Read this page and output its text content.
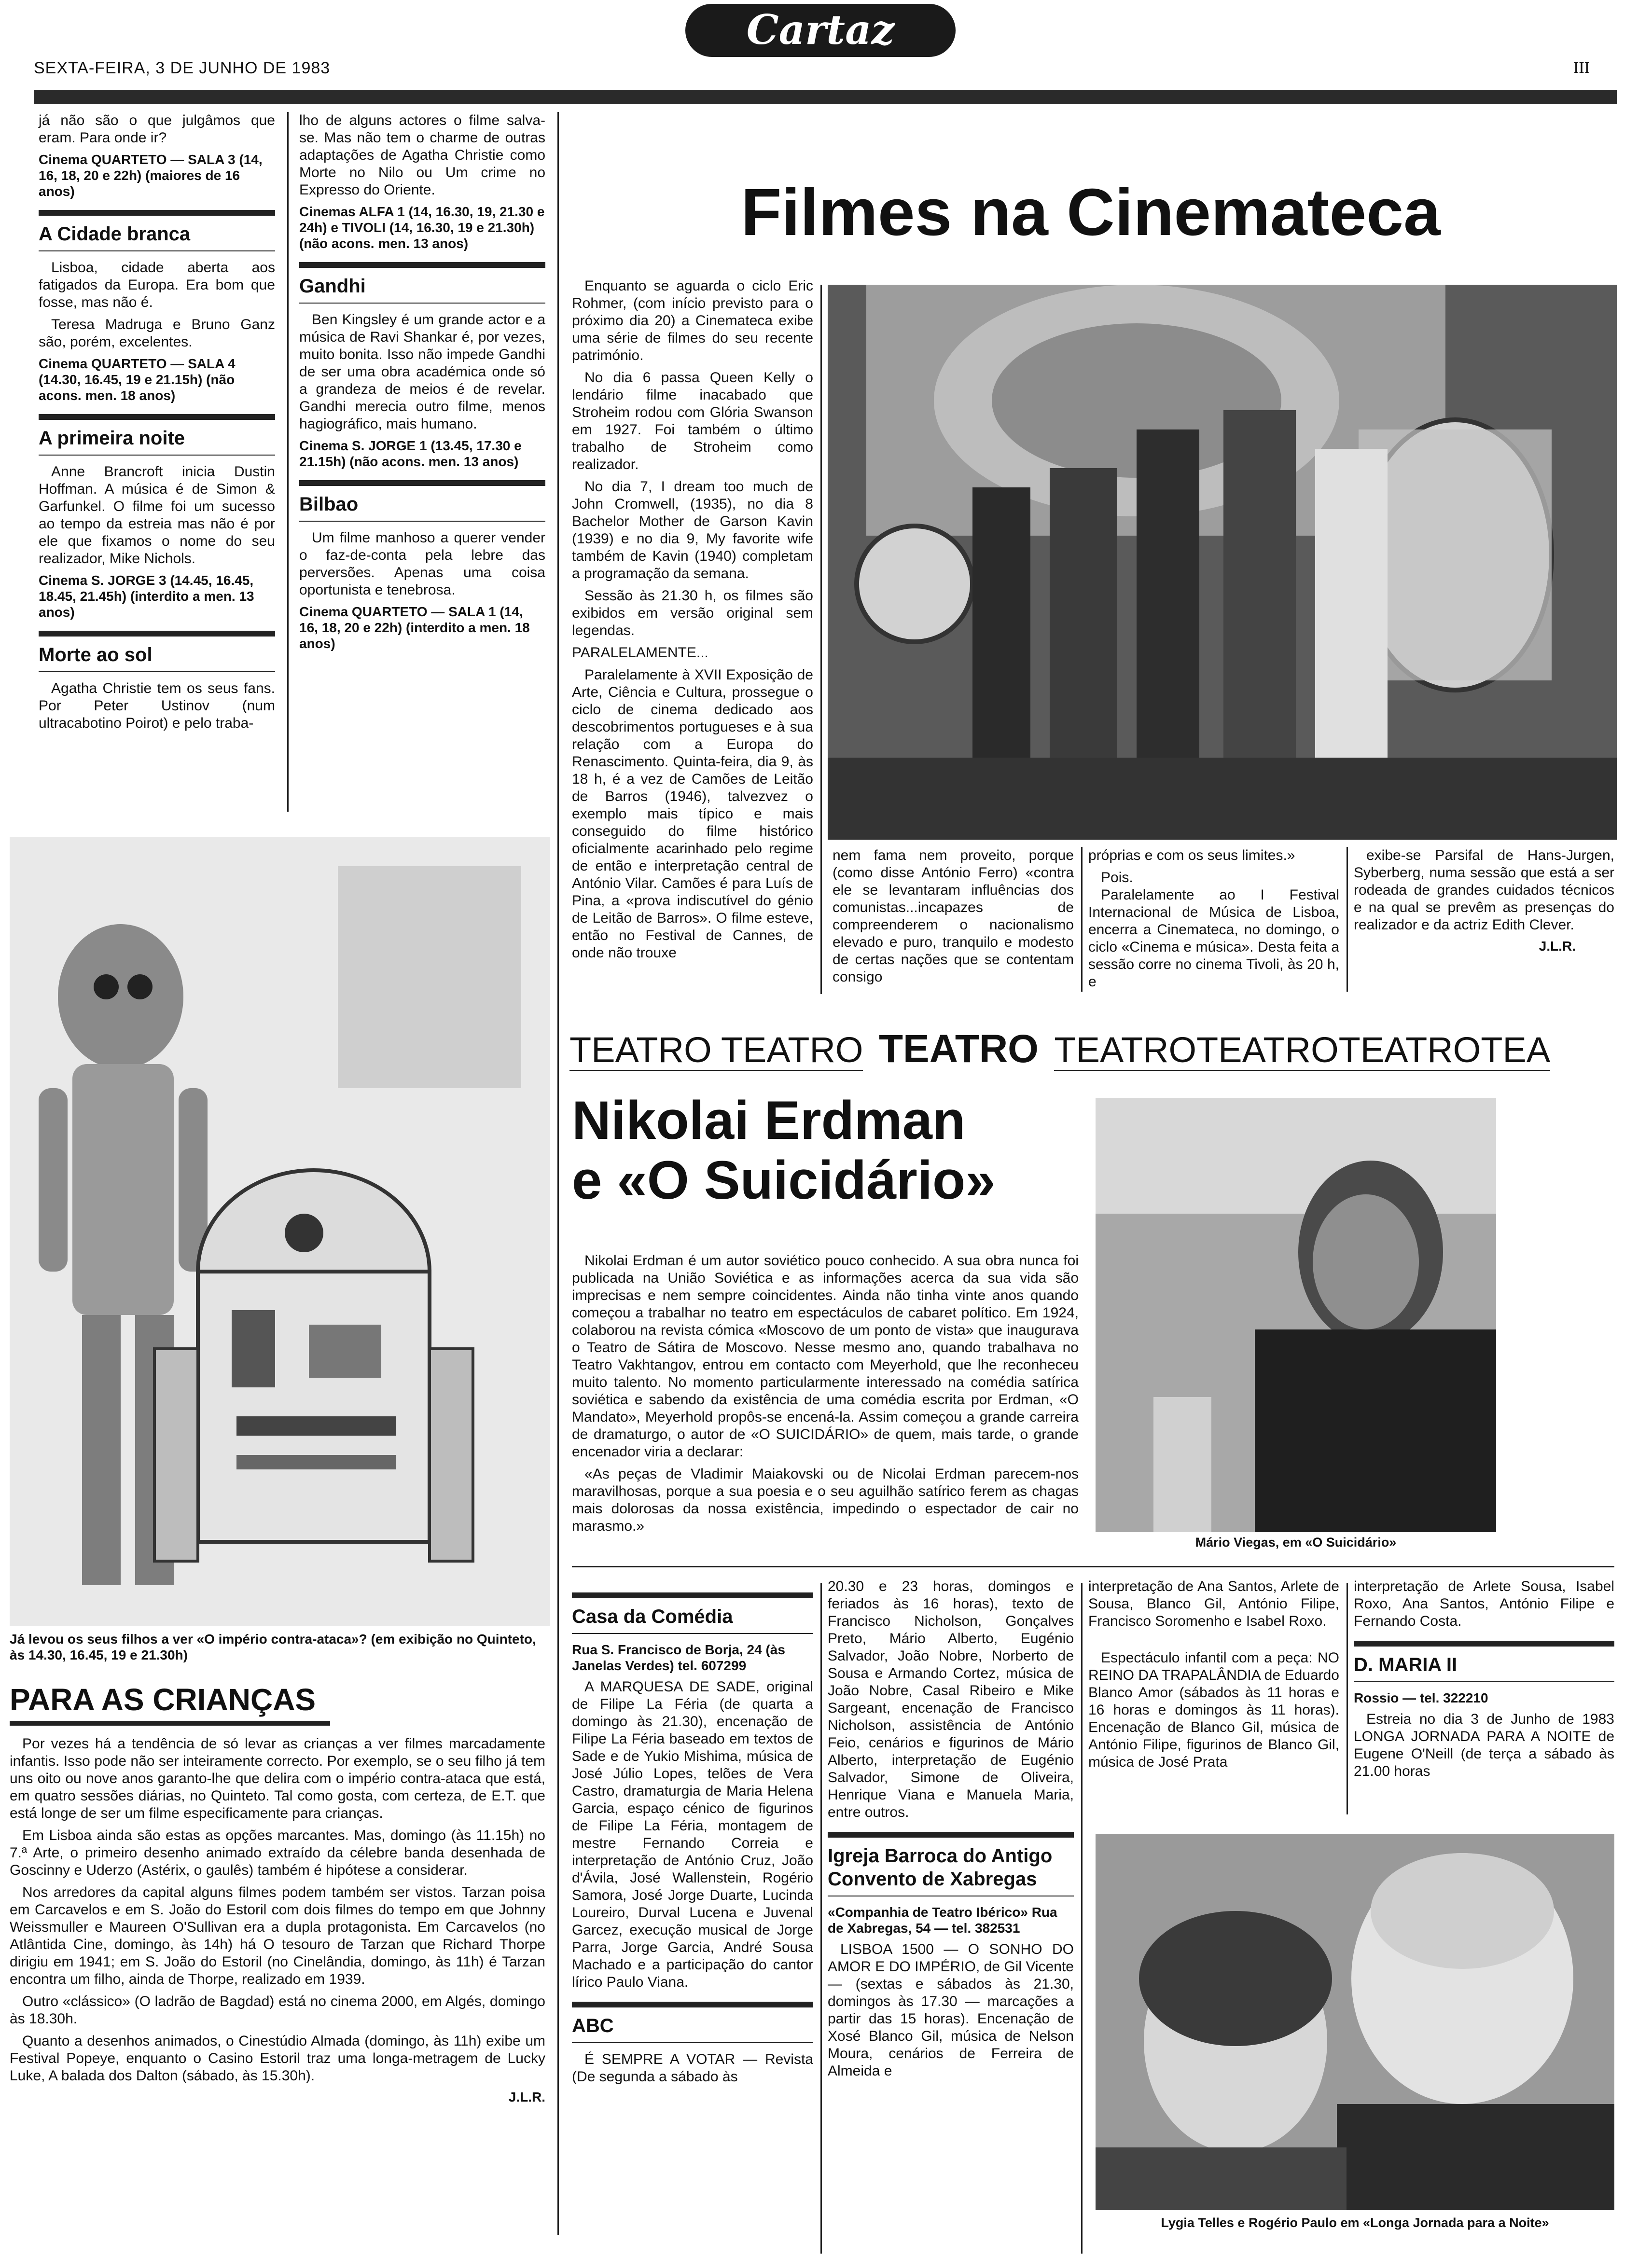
SEXTA-FEIRA, 3 DE JUNHO DE 1983
Cartaz
III

já não são o que julgâmos que eram. Para onde ir?

Cinema QUARTETO — SALA 3 (14, 16, 18, 20 e 22h) (maiores de 16 anos)

A Cidade branca

Lisboa, cidade aberta aos fatigados da Europa. Era bom que fosse, mas não é.

Teresa Madruga e Bruno Ganz são, porém, excelentes.

Cinema QUARTETO — SALA 4 (14.30, 16.45, 19 e 21.15h) (não acons. men. 18 anos)

A primeira noite

Anne Brancroft inicia Dustin Hoffman. A música é de Simon & Garfunkel. O filme foi um sucesso ao tempo da estreia mas não é por ele que fixamos o nome do seu realizador, Mike Nichols.

Cinema S. JORGE 3 (14.45, 16.45, 18.45, 21.45h) (interdito a men. 13 anos)

Morte ao sol

Agatha Christie tem os seus fans. Por Peter Ustinov (num ultracabotino Poirot) e pelo traba-

lho de alguns actores o filme salva-se. Mas não tem o charme de outras adaptações de Agatha Christie como Morte no Nilo ou Um crime no Expresso do Oriente.

Cinemas ALFA 1 (14, 16.30, 19, 21.30 e 24h) e TIVOLI (14, 16.30, 19 e 21.30h) (não acons. men. 13 anos)

Gandhi

Ben Kingsley é um grande actor e a música de Ravi Shankar é, por vezes, muito bonita. Isso não impede Gandhi de ser uma obra académica onde só a grandeza de meios é de revelar. Gandhi merecia outro filme, menos hagiográfico, mais humano.

Cinema S. JORGE 1 (13.45, 17.30 e 21.15h) (não acons. men. 13 anos)

Bilbao

Um filme manhoso a querer vender o faz-de-conta pela lebre das perversões. Apenas uma coisa oportunista e tenebrosa.

Cinema QUARTETO — SALA 1 (14, 16, 18, 20 e 22h) (interdito a men. 18 anos)

Já levou os seus filhos a ver «O império contra-ataca»? (em exibição no Quinteto, às 14.30, 16.45, 19 e 21.30h)

PARA AS CRIANÇAS

Por vezes há a tendência de só levar as crianças a ver filmes marcadamente infantis. Isso pode não ser inteiramente correcto. Por exemplo, se o seu filho já tem uns oito ou nove anos garanto-lhe que delira com o império contra-ataca que está, em quatro sessões diárias, no Quinteto. Tal como gosta, com certeza, de E.T. que está longe de ser um filme especificamente para crianças.

Em Lisboa ainda são estas as opções marcantes. Mas, domingo (às 11.15h) no 7.ª Arte, o primeiro desenho animado extraído da célebre banda desenhada de Goscinny e Uderzo (Astérix, o gaulês) também é hipótese a considerar.

Nos arredores da capital alguns filmes podem também ser vistos. Tarzan poisa em Carcavelos e em S. João do Estoril com dois filmes do tempo em que Johnny Weissmuller e Maureen O'Sullivan era a dupla protagonista. Em Carcavelos (no Atlântida Cine, domingo, às 14h) há O tesouro de Tarzan que Richard Thorpe dirigiu em 1941; em S. João do Estoril (no Cinelândia, domingo, às 11h) é Tarzan encontra um filho, ainda de Thorpe, realizado em 1939.

Outro «clássico» (O ladrão de Bagdad) está no cinema 2000, em Algés, domingo às 18.30h.

Quanto a desenhos animados, o Cinestúdio Almada (domingo, às 11h) exibe um Festival Popeye, enquanto o Casino Estoril traz uma longa-metragem de Lucky Luke, A balada dos Dalton (sábado, às 15.30h).

J.L.R.
Filmes na Cinemateca

Enquanto se aguarda o ciclo Eric Rohmer, (com início previsto para o próximo dia 20) a Cinemateca exibe uma série de filmes do seu recente património.

No dia 6 passa Queen Kelly o lendário filme inacabado que Stroheim rodou com Glória Swanson em 1927. Foi também o último trabalho de Stroheim como realizador.

No dia 7, I dream too much de John Cromwell, (1935), no dia 8 Bachelor Mother de Garson Kavin (1939) e no dia 9, My favorite wife também de Kavin (1940) completam a programação da semana.

Sessão às 21.30 h, os filmes são exibidos em versão original sem legendas.

PARALELAMENTE...

Paralelamente à XVII Exposição de Arte, Ciência e Cultura, prossegue o ciclo de cinema dedicado aos descobrimentos portugueses e à sua relação com a Europa do Renascimento. Quinta-feira, dia 9, às 18 h, é a vez de Camões de Leitão de Barros (1946), talvezvez o exemplo mais típico e mais conseguido do filme histórico oficialmente acarinhado pelo regime de então e interpretação central de António Vilar. Camões é para Luís de Pina, a «prova indiscutível do génio de Leitão de Barros». O filme esteve, então no Festival de Cannes, de onde não trouxe

nem fama nem proveito, porque (como disse António Ferro) «contra ele se levantaram influências dos comunistas...incapazes de compreenderem o nacionalismo elevado e puro, tranquilo e modesto de certas nações que se contentam consigo

próprias e com os seus limites.»

Pois.

Paralelamente ao I Festival Internacional de Música de Lisboa, encerra a Cinemateca, no domingo, o ciclo «Cinema e música». Desta feita a sessão corre no cinema Tivoli, às 20 h, e

exibe-se Parsifal de Hans-Jurgen, Syberberg, numa sessão que está a ser rodeada de grandes cuidados técnicos e na qual se prevêm as presenças do realizador e da actriz Edith Clever.

J.L.R.
TEATRO TEATRO TEATRO TEATROTEATROTEATROTEA
Nikolai Erdman
e «O Suicidário»

Nikolai Erdman é um autor soviético pouco conhecido. A sua obra nunca foi publicada na União Soviética e as informações acerca da sua vida são imprecisas e nem sempre coincidentes. Ainda não tinha vinte anos quando começou a trabalhar no teatro em espectáculos de cabaret político. Em 1924, colaborou na revista cómica «Moscovo de um ponto de vista» que inaugurava o Teatro de Sátira de Moscovo. Nesse mesmo ano, quando trabalhava no Teatro Vakhtangov, entrou em contacto com Meyerhold, que lhe reconheceu muito talento. No momento particularmente interessado na comédia satírica soviética e sabendo da existência de uma comédia escrita por Erdman, «O Mandato», Meyerhold propôs-se encená-la. Assim começou a grande carreira de dramaturgo, o autor de «O SUICIDÁRIO» de quem, mais tarde, o grande encenador viria a declarar:

«As peças de Vladimir Maiakovski ou de Nicolai Erdman parecem-nos maravilhosas, porque a sua poesia e o seu aguilhão satírico ferem as chagas mais dolorosas da nossa existência, impedindo o espectador de cair no marasmo.»

Mário Viegas, em «O Suicidário»
Casa da Comédia

Rua S. Francisco de Borja, 24 (às Janelas Verdes) tel. 607299

A MARQUESA DE SADE, original de Filipe La Féria (de quarta a domingo às 21.30), encenação de Filipe La Féria baseado em textos de Sade e de Yukio Mishima, música de José Júlio Lopes, telões de Vera Castro, dramaturgia de Maria Helena Garcia, espaço cénico de figurinos de Filipe La Féria, montagem de mestre Fernando Correia e interpretação de António Cruz, João d'Ávila, José Wallenstein, Rogério Samora, José Jorge Duarte, Lucinda Loureiro, Durval Lucena e Juvenal Garcez, execução musical de Jorge Parra, Jorge Garcia, André Sousa Machado e a participação do cantor lírico Paulo Viana.

ABC

É SEMPRE A VOTAR — Revista (De segunda a sábado às

20.30 e 23 horas, domingos e feriados às 16 horas), texto de Francisco Nicholson, Gonçalves Preto, Mário Alberto, Eugénio Salvador, João Nobre, Norberto de Sousa e Armando Cortez, música de João Nobre, Casal Ribeiro e Mike Sargeant, encenação de Francisco Nicholson, assistência de António Feio, cenários e figurinos de Mário Alberto, interpretação de Eugénio Salvador, Simone de Oliveira, Henrique Viana e Manuela Maria, entre outros.

Igreja Barroca do Antigo Convento de Xabregas

«Companhia de Teatro Ibérico» Rua de Xabregas, 54 — tel. 382531

LISBOA 1500 — O SONHO DO AMOR E DO IMPÉRIO, de Gil Vicente — (sextas e sábados às 21.30, domingos às 17.30 — marcações a partir das 15 horas). Encenação de Xosé Blanco Gil, música de Nelson Moura, cenários de Ferreira de Almeida e

interpretação de Ana Santos, Arlete de Sousa, Blanco Gil, António Filipe, Francisco Soromenho e Isabel Roxo.

Espectáculo infantil com a peça: NO REINO DA TRAPALÂNDIA de Eduardo Blanco Amor (sábados às 11 horas e 16 horas e domingos às 11 horas). Encenação de Blanco Gil, música de António Filipe, figurinos de Blanco Gil, música de José Prata

interpretação de Arlete Sousa, Isabel Roxo, Ana Santos, António Filipe e Fernando Costa.

D. MARIA II

Rossio — tel. 322210

Estreia no dia 3 de Junho de 1983 LONGA JORNADA PARA A NOITE de Eugene O'Neill (de terça a sábado às 21.00 horas

Lygia Telles e Rogério Paulo em «Longa Jornada para a Noite»
